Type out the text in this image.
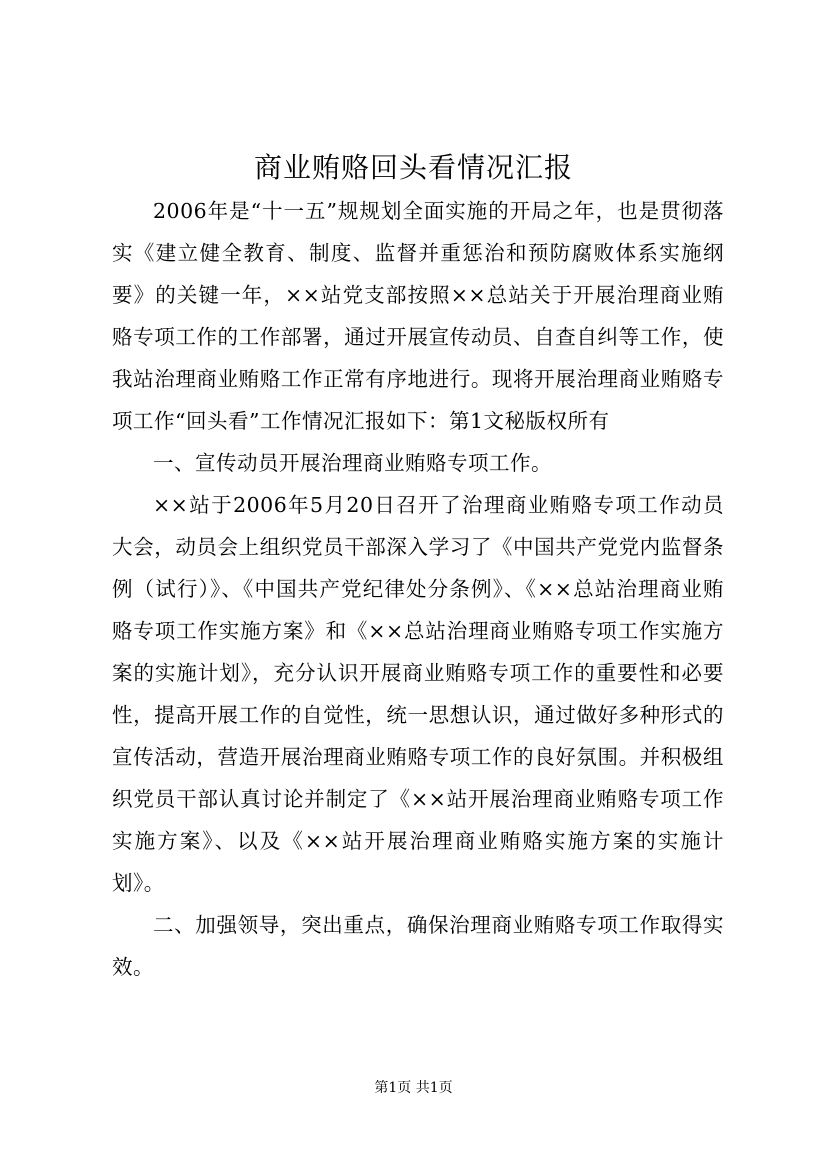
商业贿赂回头看情况汇报

2006年是“十一五”规规划全面实施的开局之年，也是贯彻落实《建立健全教育、制度、监督并重惩治和预防腐败体系实施纲要》的关键一年，××站党支部按照××总站关于开展治理商业贿赂专项工作的工作部署，通过开展宣传动员、自查自纠等工作，使我站治理商业贿赂工作正常有序地进行。现将开展治理商业贿赂专项工作“回头看”工作情况汇报如下：第1文秘版权所有

一、宣传动员开展治理商业贿赂专项工作。

××站于2006年5月20日召开了治理商业贿赂专项工作动员大会，动员会上组织党员干部深入学习了《中国共产党党内监督条例（试行）》、《中国共产党纪律处分条例》、《××总站治理商业贿赂专项工作实施方案》和《××总站治理商业贿赂专项工作实施方案的实施计划》，充分认识开展商业贿赂专项工作的重要性和必要性，提高开展工作的自觉性，统一思想认识，通过做好多种形式的宣传活动，营造开展治理商业贿赂专项工作的良好氛围。并积极组织党员干部认真讨论并制定了《××站开展治理商业贿赂专项工作实施方案》、以及《××站开展治理商业贿赂实施方案的实施计划》。

二、加强领导，突出重点，确保治理商业贿赂专项工作取得实效。

第1页 共1页
